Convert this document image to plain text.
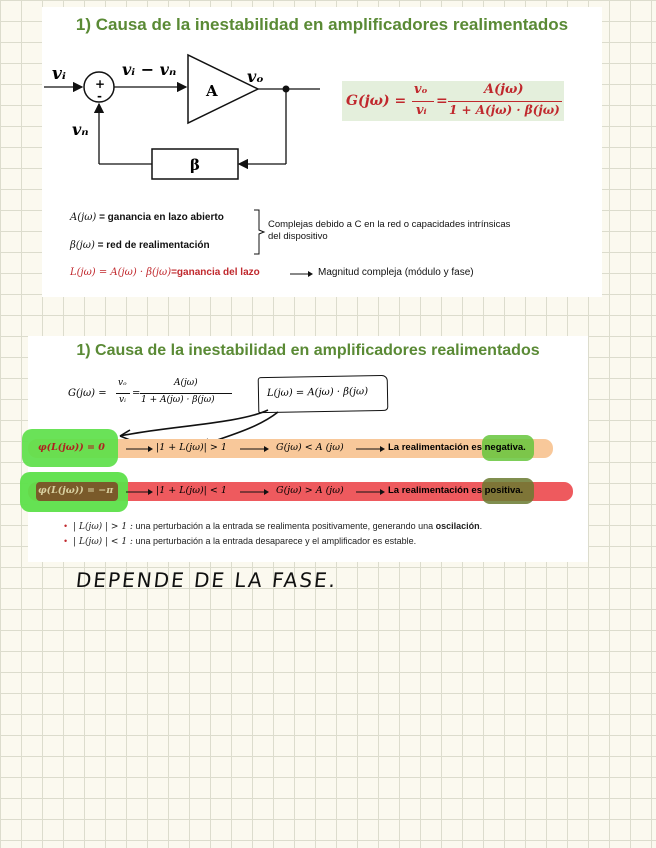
1) Causa de la inestabilidad en amplificadores realimentados
vᵢ	vᵢ − vₙ	vₒ
vₙ
+
-	A
β
G(jω) =
vₒ
vᵢ
=
A(jω)
1 + A(jω) · β(jω)
A(jω) = ganancia en lazo abierto
β(jω) = red de realimentación
Complejas debido a C en la red o capacidades intrínsicas
del dispositivo
L(jω) = A(jω) · β(jω)=ganancia del lazo	Magnitud compleja (módulo y fase)
1) Causa de la inestabilidad en amplificadores realimentados
G(jω) =
vₒ
vᵢ
=
A(jω)
1 + A(jω) · β(jω)
L(jω) = A(jω) · β(jω)
φ(L(jω)) = 0	|1 + L(jω)| > 1	G(jω) < A (jω)	La realimentación es negativa.
φ(L(jω)) = −π	|1 + L(jω)| < 1	G(jω) > A (jω)	La realimentación es positiva.
• | L(jω) | > 1 : una perturbación a la entrada se realimenta positivamente, generando una oscilación.
• | L(jω) | < 1 : una perturbación a la entrada desaparece y el amplificador es estable.
DEPENDE DE LA FASE.
